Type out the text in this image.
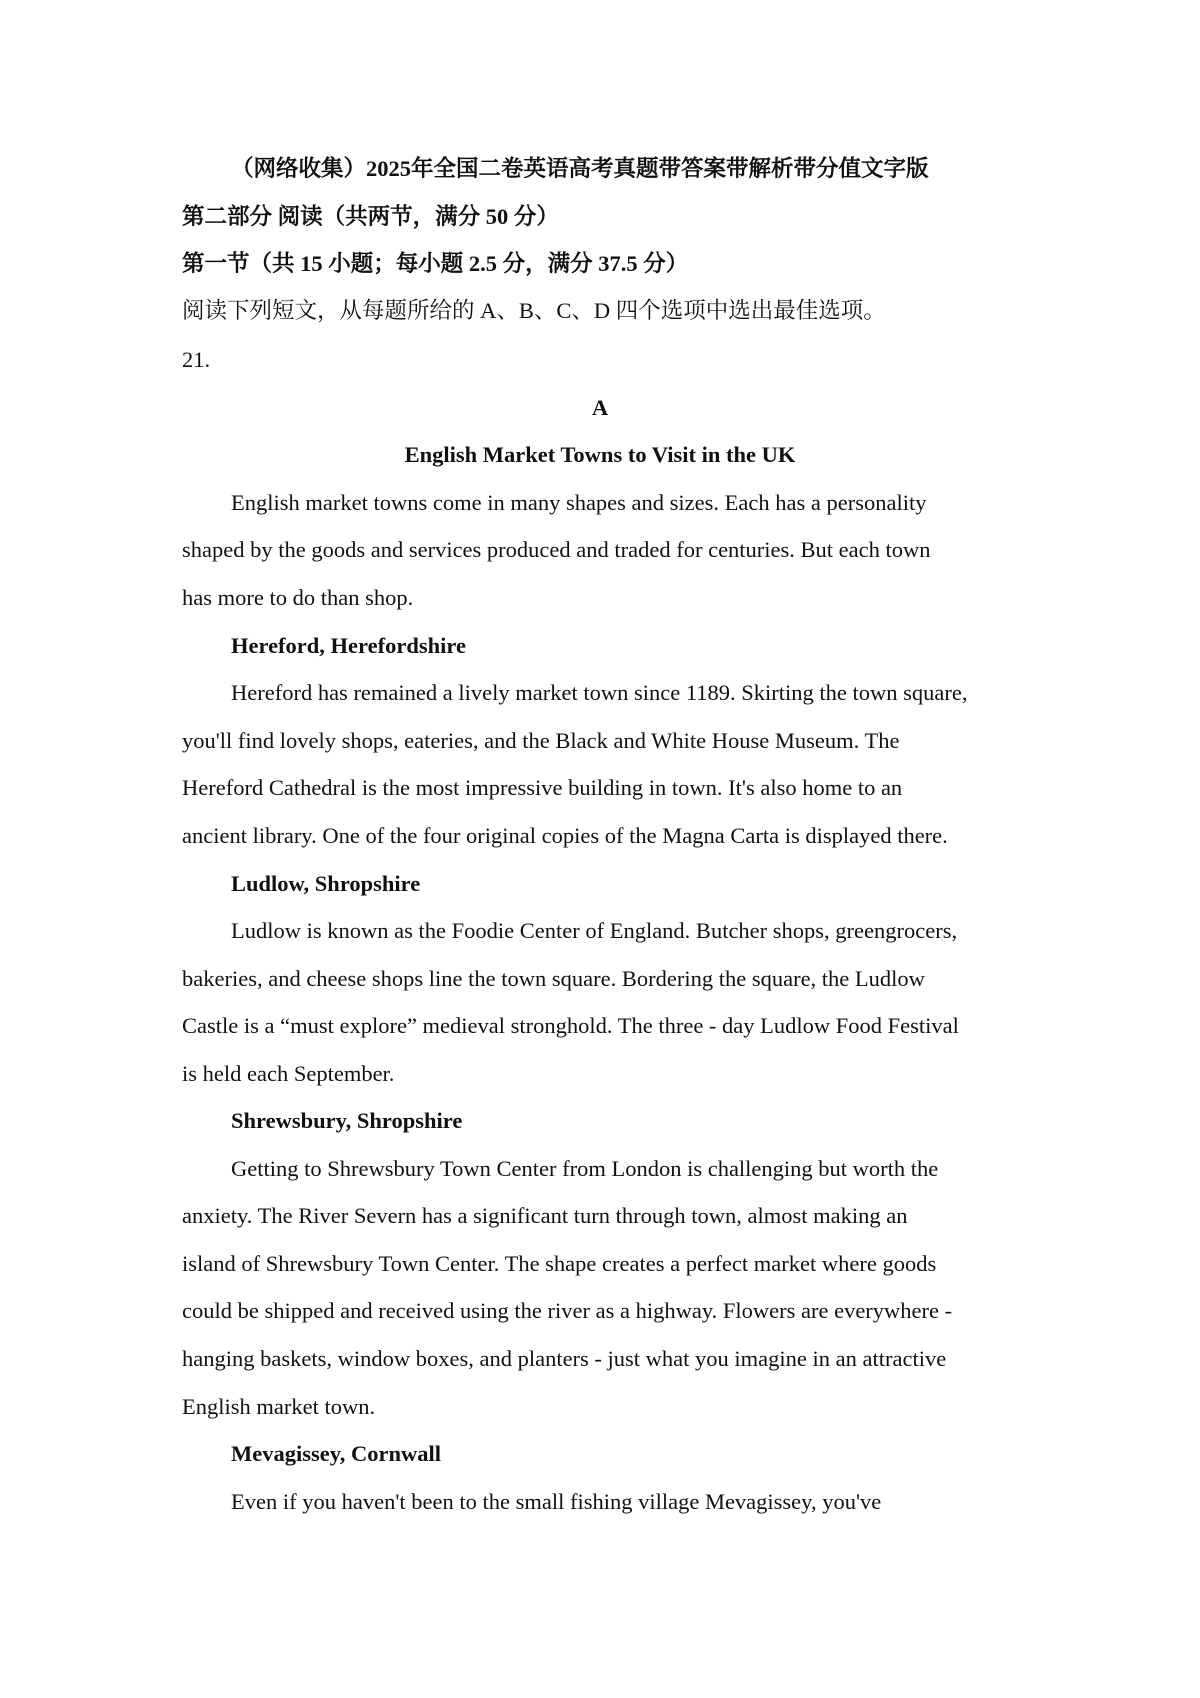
（网络收集）2025年全国二卷英语高考真题带答案带解析带分值文字版
第二部分 阅读（共两节，满分 50 分）
第一节（共 15 小题；每小题 2.5 分，满分 37.5 分）
阅读下列短文，从每题所给的 A、B、C、D 四个选项中选出最佳选项。
21.
A
English Market Towns to Visit in the UK
English market towns come in many shapes and sizes. Each has a personality
shaped by the goods and services produced and traded for centuries. But each town
has more to do than shop.
Hereford, Herefordshire
Hereford has remained a lively market town since 1189. Skirting the town square,
you'll find lovely shops, eateries, and the Black and White House Museum. The
Hereford Cathedral is the most impressive building in town. It's also home to an
ancient library. One of the four original copies of the Magna Carta is displayed there.
Ludlow, Shropshire
Ludlow is known as the Foodie Center of England. Butcher shops, greengrocers,
bakeries, and cheese shops line the town square. Bordering the square, the Ludlow
Castle is a “must explore” medieval stronghold. The three - day Ludlow Food Festival
is held each September.
Shrewsbury, Shropshire
Getting to Shrewsbury Town Center from London is challenging but worth the
anxiety. The River Severn has a significant turn through town, almost making an
island of Shrewsbury Town Center. The shape creates a perfect market where goods
could be shipped and received using the river as a highway. Flowers are everywhere -
hanging baskets, window boxes, and planters - just what you imagine in an attractive
English market town.
Mevagissey, Cornwall
Even if you haven't been to the small fishing village Mevagissey, you've
